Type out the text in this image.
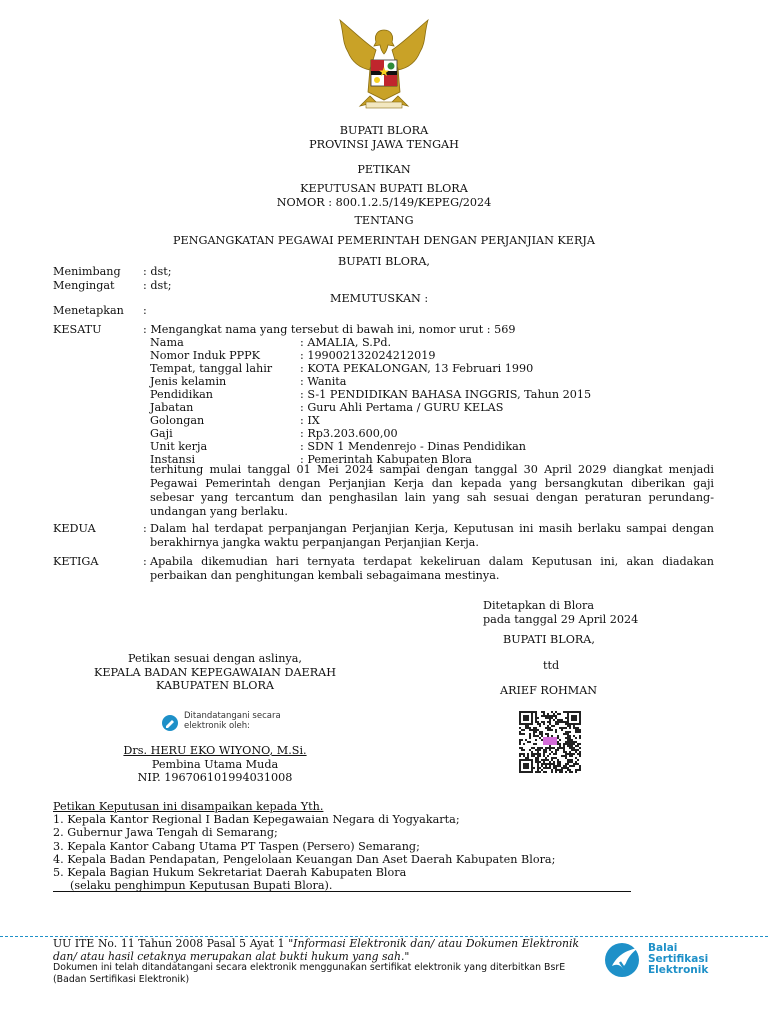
BUPATI BLORA
PROVINSI JAWA TENGAH
PETIKAN
KEPUTUSAN BUPATI BLORA
NOMOR : 800.1.2.5/149/KEPEG/2024
TENTANG
PENGANGKATAN PEGAWAI PEMERINTAH DENGAN PERJANJIAN KERJA
BUPATI BLORA,
Menimbang : dst;
Mengingat	: dst;
MEMUTUSKAN :
Menetapkan :
KESATU	: Mengangkat nama yang tersebut di bawah ini, nomor urut : 569
Nama	: AMALIA, S.Pd.
Nomor Induk PPPK	: 199002132024212019
Tempat, tanggal lahir : KOTA PEKALONGAN, 13 Februari 1990
Jenis kelamin	: Wanita
Pendidikan	: S-1 PENDIDIKAN BAHASA INGGRIS, Tahun 2015
Jabatan	: Guru Ahli Pertama / GURU KELAS
Golongan	: IX
Gaji	: Rp3.203.600,00
Unit kerja	: SDN 1 Mendenrejo - Dinas Pendidikan
Instansi	: Pemerintah Kabupaten Blora
terhitung mulai tanggal 01 Mei 2024 sampai dengan tanggal 30 April 2029 diangkat menjadi Pegawai Pemerintah dengan Perjanjian Kerja dan kepada yang bersangkutan diberikan gaji sebesar yang tercantum dan penghasilan lain yang sah sesuai dengan peraturan perundang-undangan yang berlaku.
KEDUA	: Dalam hal terdapat perpanjangan Perjanjian Kerja, Keputusan ini masih berlaku sampai dengan berakhirnya jangka waktu perpanjangan Perjanjian Kerja.
KETIGA	: Apabila dikemudian hari ternyata terdapat kekeliruan dalam Keputusan ini, akan diadakan perbaikan dan penghitungan kembali sebagaimana mestinya.
Ditetapkan di Blora
pada tanggal 29 April 2024
BUPATI BLORA,
ttd
ARIEF ROHMAN
Petikan sesuai dengan aslinya,
KEPALA BADAN KEPEGAWAIAN DAERAH
KABUPATEN BLORA
Ditandatangani secara
elektronik oleh:
Drs. HERU EKO WIYONO, M.Si.
Pembina Utama Muda
NIP. 196706101994031008
Petikan Keputusan ini disampaikan kepada Yth.
1. Kepala Kantor Regional I Badan Kepegawaian Negara di Yogyakarta;
2. Gubernur Jawa Tengah di Semarang;
3. Kepala Kantor Cabang Utama PT Taspen (Persero) Semarang;
4. Kepala Badan Pendapatan, Pengelolaan Keuangan Dan Aset Daerah Kabupaten Blora;
5. Kepala Bagian Hukum Sekretariat Daerah Kabupaten Blora
(selaku penghimpun Keputusan Bupati Blora).
UU ITE No. 11 Tahun 2008 Pasal 5 Ayat 1 "Informasi Elektronik dan/ atau Dokumen Elektronik dan/ atau hasil cetaknya merupakan alat bukti hukum yang sah."
Dokumen ini telah ditandatangani secara elektronik menggunakan sertifikat elektronik yang diterbitkan BsrE (Badan Sertifikasi Elektronik)
Balai
Sertifikasi
Elektronik
